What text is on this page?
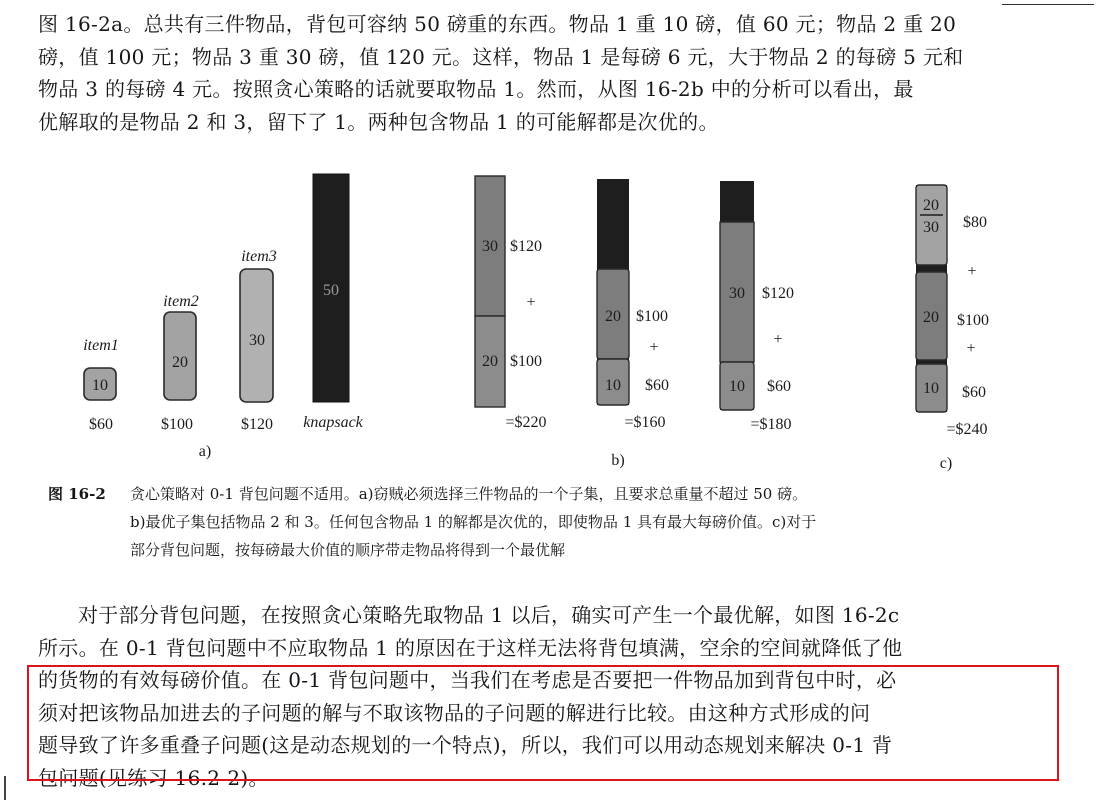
图 16-2a。总共有三件物品，背包可容纳 50 磅重的东西。物品 1 重 10 磅，值 60 元；物品 2 重 20
磅，值 100 元；物品 3 重 30 磅，值 120 元。这样，物品 1 是每磅 6 元，大于物品 2 的每磅 5 元和
物品 3 的每磅 4 元。按照贪心策略的话就要取物品 1。然而，从图 16-2b 中的分析可以看出，最
优解取的是物品 2 和 3，留下了 1。两种包含物品 1 的可能解都是次优的。
10
item1
$60
20
item2
$100
30
item3
$120
50
knapsack
a)
30
20
$120
+
$100
=$220
20
10
$100
+
$60
=$160
30
10
$120
+
$60
=$180
b)
20
30
20
10
$80
+
$100
+
$60
=$240
c)
图 16-2 贪心策略对 0-1 背包问题不适用。a)窃贼必须选择三件物品的一个子集，且要求总重量不超过 50 磅。
b)最优子集包括物品 2 和 3。任何包含物品 1 的解都是次优的，即使物品 1 具有最大每磅价值。c)对于
部分背包问题，按每磅最大价值的顺序带走物品将得到一个最优解
对于部分背包问题，在按照贪心策略先取物品 1 以后，确实可产生一个最优解，如图 16-2c
所示。在 0-1 背包问题中不应取物品 1 的原因在于这样无法将背包填满，空余的空间就降低了他
的货物的有效每磅价值。在 0-1 背包问题中，当我们在考虑是否要把一件物品加到背包中时，必
须对把该物品加进去的子问题的解与不取该物品的子问题的解进行比较。由这种方式形成的问
题导致了许多重叠子问题(这是动态规划的一个特点)，所以，我们可以用动态规划来解决 0-1 背
包问题(见练习 16.2-2)。
